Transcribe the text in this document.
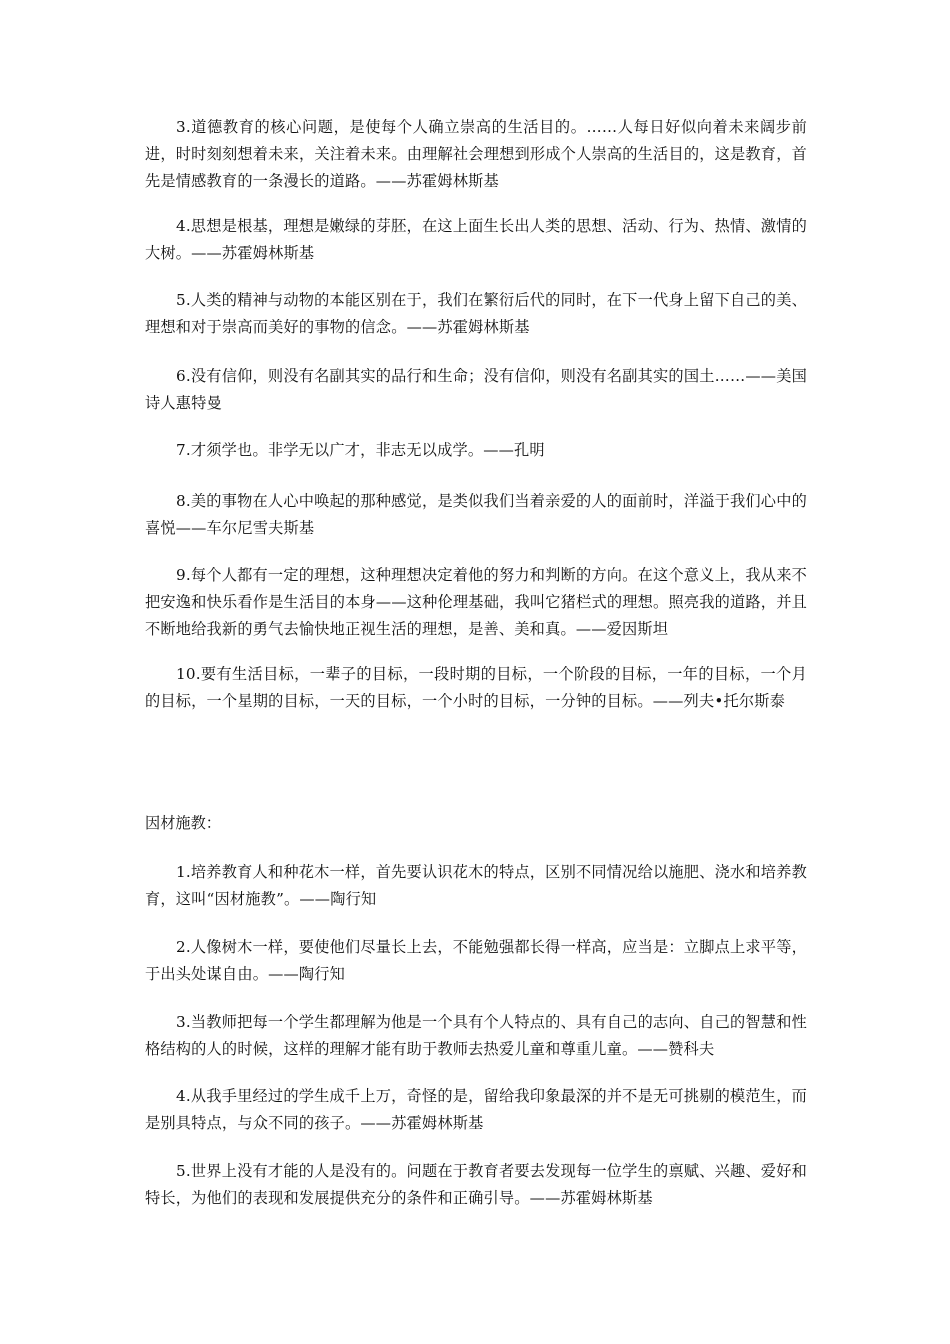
3.道德教育的核心问题，是使每个人确立崇高的生活目的。……人每日好似向着未来阔步前进，时时刻刻想着未来，关注着未来。由理解社会理想到形成个人崇高的生活目的，这是教育，首先是情感教育的一条漫长的道路。——苏霍姆林斯基

4.思想是根基，理想是嫩绿的芽胚，在这上面生长出人类的思想、活动、行为、热情、激情的大树。——苏霍姆林斯基

5.人类的精神与动物的本能区别在于，我们在繁衍后代的同时，在下一代身上留下自己的美、理想和对于崇高而美好的事物的信念。——苏霍姆林斯基

6.没有信仰，则没有名副其实的品行和生命；没有信仰，则没有名副其实的国土……——美国诗人惠特曼

7.才须学也。非学无以广才，非志无以成学。——孔明

8.美的事物在人心中唤起的那种感觉，是类似我们当着亲爱的人的面前时，洋溢于我们心中的喜悦——车尔尼雪夫斯基

9.每个人都有一定的理想，这种理想决定着他的努力和判断的方向。在这个意义上，我从来不把安逸和快乐看作是生活目的本身——这种伦理基础，我叫它猪栏式的理想。照亮我的道路，并且不断地给我新的勇气去愉快地正视生活的理想，是善、美和真。——爱因斯坦

10.要有生活目标，一辈子的目标，一段时期的目标，一个阶段的目标，一年的目标，一个月的目标，一个星期的目标，一天的目标，一个小时的目标，一分钟的目标。——列夫•托尔斯泰

因材施教：

1.培养教育人和种花木一样，首先要认识花木的特点，区别不同情况给以施肥、浇水和培养教育，这叫“因材施教”。——陶行知

2.人像树木一样，要使他们尽量长上去，不能勉强都长得一样高，应当是：立脚点上求平等，于出头处谋自由。——陶行知

3.当教师把每一个学生都理解为他是一个具有个人特点的、具有自己的志向、自己的智慧和性格结构的人的时候，这样的理解才能有助于教师去热爱儿童和尊重儿童。——赞科夫

4.从我手里经过的学生成千上万，奇怪的是，留给我印象最深的并不是无可挑剔的模范生，而是别具特点，与众不同的孩子。——苏霍姆林斯基

5.世界上没有才能的人是没有的。问题在于教育者要去发现每一位学生的禀赋、兴趣、爱好和特长，为他们的表现和发展提供充分的条件和正确引导。——苏霍姆林斯基
